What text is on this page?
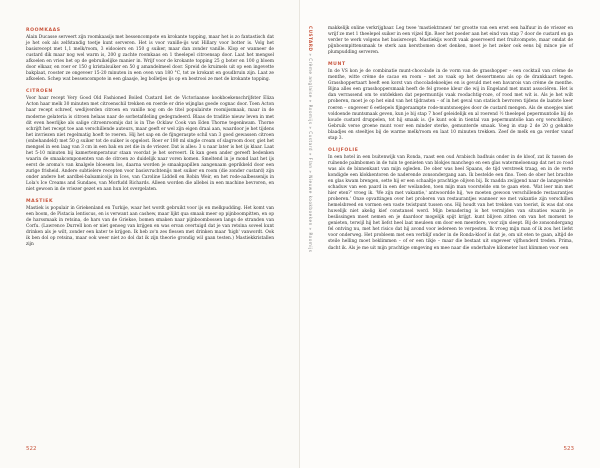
ROOMKAAS
Alain Ducasse serveert zijn roomkaasijs met bessencompote en krokante topping, maar het is zo fantastisch dat je het ook als zelfstandig toetje kunt serveren. Het is voor vanille-ijs wat Hillary voor botter is. Volg het basisrecept met 1,1 melk/room, 3 eidooiers en 150 g suiker, maar dan zonder vanille. Klop er wanneer de custard dik maar nog wel warm is, 200 g zachte roomkaas en 1 theelepel citroensap door. Laat het mengsel afkoelen en vries het op de gebruikelijke manier in. Wrijf voor de krokante topping 25 g boter en 100 g bloem door elkaar, en roer er 150 g kristalsuiker en 50 g amandelmeel door. Spreid de kruimels uit op een ingevette bakplaat, rooster ze ongeveer 15-20 minuten in een oven van 180 °C, tot ze krokant en goudbruin zijn. Laat ze afkoelen. Schep wat bessencompote in een glaasje, leg bolletjes ijs op en bestrooi ze met de krokante topping.
CITROEN
Voor haar recept Very Good Old Fashioned Boiled Custard liet de Victoriaanse kookboekenschrijfster Eliza Acton haar melk 30 minuten met citroenschil trekken en roerde er drie wijnglas goede cognac door. Toen Acton haar recept schreef, wedijverden citroen en vanille nog om de titel populairste roomijssmaak, maar in de moderne gelateria is citroen helaas naar de sorbetafdeling gedegradeerd. Blaas de traditie nieuw leven in met dit even heerlijke als salige citroenroomijs dat is in The Ocklaw Cook van Eden Thorne tegenkwam. Thorne schrijft het recept toe aan verschillende auteurs, maar geeft er wel zijn eigen draai aan, waardoor je het tijdens het invriezen niet regelmatig hoeft te roeren. Hij het sap en de fijngeraspte schil van 3 goed gewassen citroen (onbehandeld) met 50 g suiker tot de suiker is opgelost. Roer er 180 ml single cream of slagroom door, giet het mengsel in een laag van 3 cm in een bak en zet die in de vriezer. Dat is alles: 3 u naar later is het ijs klaar. Laat het 5-10 minuten bij kamertemperatuur staan voordat je het serveert. Ik kan geen ander gereeft bedenken waarin de smaakcomponenten van de citroen zo duidelijk naar voren komen. Smeltend in je mond laat het ijs eerst de aroma's van knalgele bloesem los, daarna worden je smaakpapillen aangenaam geprikkeld door een zurige frisheid. Andere subtielere recepten voor basisvruchtenijs met suiker en room (die zonder custard) zijn onder andere het aardbei-balsamicoijs in Ices, van Caroline Liddell en Robin Weir, en het rode-aalbessenijs in Lola's Ice Creams and Sundaes, van Morfudd Richards. Alleen worden die allebei in een machine bevroren, en niet gewoon in de vriezer gezet en aan hun lot overgelaten.
MASTIEK
Mastiek is populair in Griekenland en Turkije, waar het wordt gebruikt voor ijs en melkpudding. Het komt van een boom, de Pistacia lentiscus, en is verwant aan cashew, maar lijkt qua smaak meer op pijnboompitten, en op de harssmaak in retsina, de hars van de Griekse, bomen smaken naar pijnboombossen langs de stranden van Corfu. (Lawrence Durrell kon er niet genoeg van krijgen en was ervan overtuigd dat je van retsina soveel kunt drinken als je wilt, zonder een kater te krijgen. Ik heb zo'n zes flessen met drinken maar 'high' vanwordt. Ook ik ben dol op retsina, maar ook weer niet zo dol dat ik zijn theorie grondig wil gaan testen.) Mastiekkristallen zijn
522
CUSTARD » Crème anglaise » Roomijs » Custard » Flan » Nieuwe kookboeken » Roomijs
makkelijk online verkrijgbaar. Leg twee 'mastiektranen' ter grootte van een erwt een halfuur in de vriezer en wrijf ze met 1 theelepel suiker in een vijzel fijn. Roer het poeder aan het eind van stap 7 door de custard en ga verder te werk volgens het basisrecept. Mastiekijs wordt vaak geserveerd met fruitcompote, maar omdat de pijnboompittensmaak te sterk aan kerstbomen doet denken, moet je het zeker ook eens bij mince pie of plumpudding serveren.
MUNT
In de VS kon je de combinatie munt-chocolade in de vorm van de grasshopper – een cocktail van crème de menthe, witte crème de cacao en room – net zo vaak op het dessertmenu als op de drankkaart tegen. Grasshoppertaart heeft een korst van chocoladekoekjes en is gevuld met een bavarois van crème de menthe. Bijna alles een grasshoppersmaak heeft de fel groene kleur die wij in Engeland met munt associëren. Het is dan verrassend om te ontdekken dat pepermuntijs vaak roodachtig-roze, of rood met wit is. Als je het wilt proberen, moet je op het eind van het tijdrasten – of in het geval van statisch bevroren tijdens de laatste keer roeren – ongeveer 6 eetlepels fijngeraampte rode-muntsnoepjes door de custard mengen. Als de snoepjes niet voldoende muntsmaak geven, kun je bij stap 7 hoef geleidelijk en al roerend ½ theelepel pepermuntolie bij de koude custard druppelen, tot hij smaak is. (Je kunt ook in tiental van pepermuntolie kan erg verschillen). Gebruik verse groene munt voor een minder sterke, gemunterde smaak. Voeg in stap 2 de 20 g gehakte blaadjes en steeltjes bij de warme melk/room en laat 10 minuten trekken. Zeef de melk en ga verder vanaf stap 3.
OLIJFOLIE
In een hotel in een buitenwijk van Ronda, raast een oud Arabisch badhuis onder in de kloof, zat ik tussen de ruïnende palmbomen in de tuin te genieten van blokjes manchego en een glas watermeloensap dat net zo rood was als de binnenkant van mijn ogleden. De ober was heel Spaans, de tijd verstreek traag, en in de verte kondigde een klokkentoren de naderende zonsondergang aan. Ik bestelde een fino. Toen de ober het brachte en glas kwam brengen, sette hij er een schaaltje prachtige olijven bij. Ik raadda zwijgend naar de lanzgerekte schaduw van een paard in een der weilanden, toen mijn man voorstelde om te gaan eten. 'Wat leer min met hier eten?' vroeg ik. 'We zijn met vakantie,' antwoordde hij, 'we moeten gewoon verschillende restaurantjes proberen.' Onze opvattingen over het proberen van restaurantjes wanneer we met vakantie zijn verschillen hemelsbreed en vormen een vaste twistpunt tussen ons. Hij houdt van het trekken van toerist, ik was dat ons huwelijk niet akelig kief constansel werd. Mijn benadering is het vermijden van situaties waarin je beslissingen moet nemen en je daardoor mogelijk spijt krijgt. kunt blijven zitten om van het moment te genieten, terwijl hij het liefst heel laat meuleen om door een meerdere, voor zijn sleept. Bij de zonsondergang fel ontving nu, met het risico dat hij avond voor iedereen te verpesten. Ik vroeg mijn man of ik zou het liefst voor onderweg. Het probleem met een verblijf onder in de Ronda-kloof is dat je, om uit eten te gaan, altijd de steile helling moet beklimmen – of er een tikje – maar die bestaat uit ongeveer vijfhonderd treden. Prima, dacht ik. Als je me uit mijn prachtige omgeving en mee naar die onderhalve kilometer lust klimmen voor een
523
